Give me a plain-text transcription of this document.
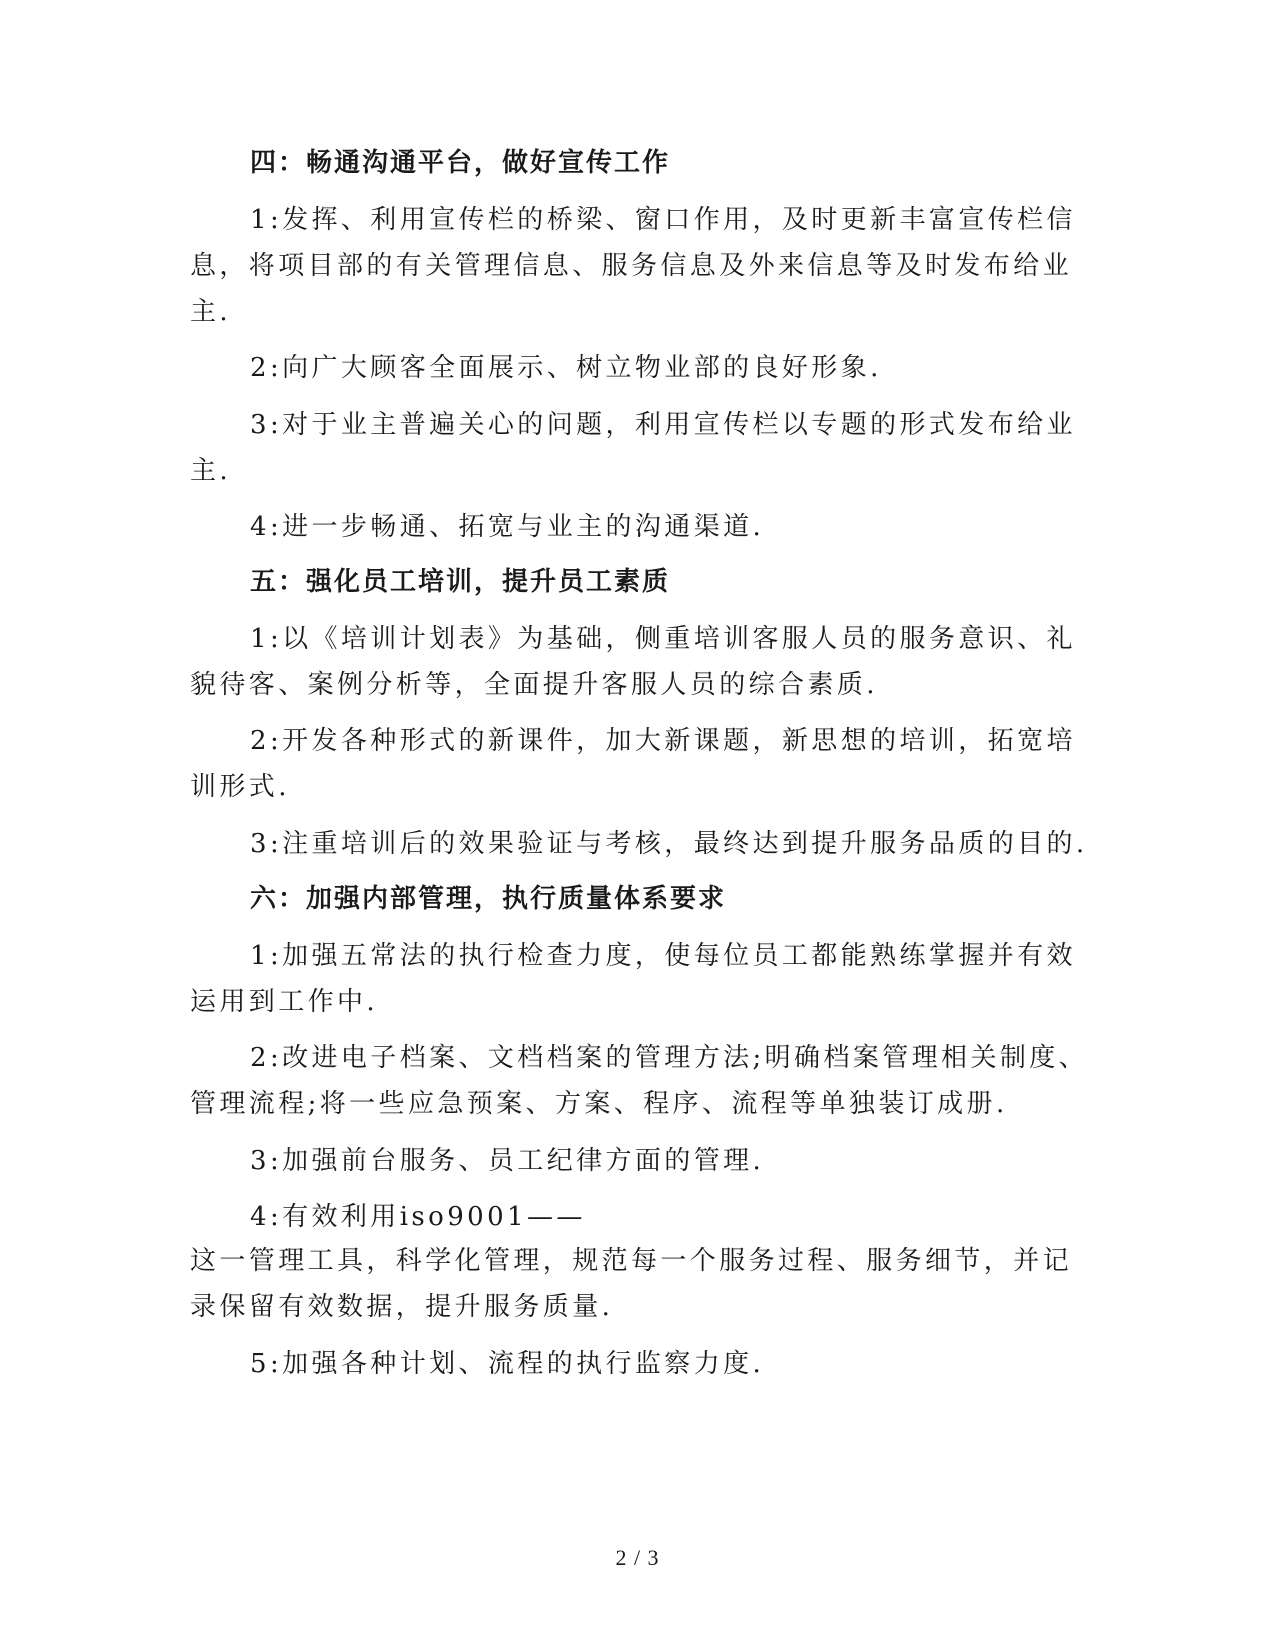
四：畅通沟通平台，做好宣传工作
1:发挥、利用宣传栏的桥梁、窗口作用，及时更新丰富宣传栏信
息，将项目部的有关管理信息、服务信息及外来信息等及时发布给业
主.
2:向广大顾客全面展示、树立物业部的良好形象.
3:对于业主普遍关心的问题，利用宣传栏以专题的形式发布给业
主.
4:进一步畅通、拓宽与业主的沟通渠道.
五：强化员工培训，提升员工素质
1:以《培训计划表》为基础，侧重培训客服人员的服务意识、礼
貌待客、案例分析等，全面提升客服人员的综合素质.
2:开发各种形式的新课件，加大新课题，新思想的培训，拓宽培
训形式.
3:注重培训后的效果验证与考核，最终达到提升服务品质的目的.
六：加强内部管理，执行质量体系要求
1:加强五常法的执行检查力度，使每位员工都能熟练掌握并有效
运用到工作中.
2:改进电子档案、文档档案的管理方法;明确档案管理相关制度、
管理流程;将一些应急预案、方案、程序、流程等单独装订成册.
3:加强前台服务、员工纪律方面的管理.
4:有效利用iso9001——
这一管理工具，科学化管理，规范每一个服务过程、服务细节，并记
录保留有效数据，提升服务质量.
5:加强各种计划、流程的执行监察力度.
2 / 3
